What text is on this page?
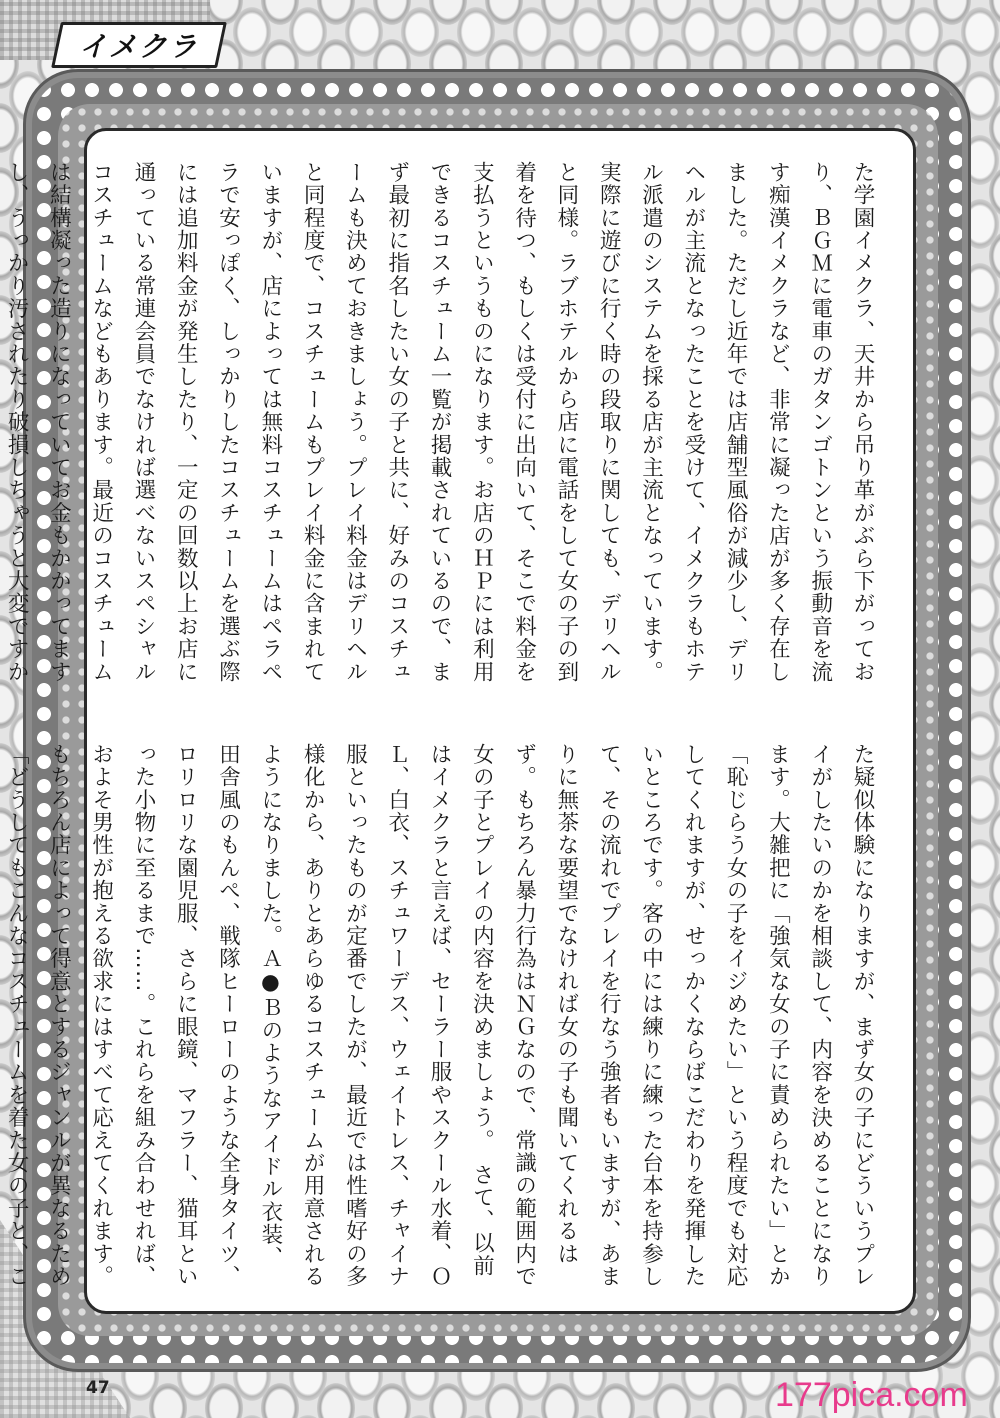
イメクラ
た学園イメクラ、天井から吊り革がぶら下がっており、ＢＧＭに電車のガタンゴトンという振動音を流す痴漢イメクラなど、非常に凝った店が多く存在しました。ただし近年では店舗型風俗が減少し、デリヘルが主流となったことを受けて、イメクラもホテル派遣のシステムを採る店が主流となっています。実際に遊びに行く時の段取りに関しても、デリヘルと同様。ラブホテルから店に電話をして女の子の到着を待つ、もしくは受付に出向いて、そこで料金を支払うというものになります。お店のＨＰには利用できるコスチューム一覧が掲載されているので、まず最初に指名したい女の子と共に、好みのコスチュームも決めておきましょう。プレイ料金はデリヘルと同程度で、コスチュームもプレイ料金に含まれていますが、店によっては無料コスチュームはペラペラで安っぽく、しっかりしたコスチュームを選ぶ際には追加料金が発生したり、一定の回数以上お店に通っている常連会員でなければ選べないスペシャルコスチュームなどもあります。最近のコスチュームは結構凝った造りになっていてお金もかかってますし、うっかり汚されたり破損しちゃうと大変ですか　
た疑似体験になりますが、まず女の子にどういうプレイがしたいのかを相談して、内容を決めることになります。大雑把に「強気な女の子に責められたい」とか「恥じらう女の子をイジめたい」という程度でも対応してくれますが、せっかくならばこだわりを発揮したいところです。客の中には練りに練った台本を持参して、その流れでプレイを行なう強者もいますが、あまりに無茶な要望でなければ女の子も聞いてくれるはず。もちろん暴力行為はＮＧなので、常識の範囲内で女の子とプレイの内容を決めましょう。　さて、以前はイメクラと言えば、セーラー服やスクール水着、ＯＬ、白衣、スチュワーデス、ウェイトレス、チャイナ服といったものが定番でしたが、最近では性嗜好の多様化から、ありとあらゆるコスチュームが用意されるようになりました。Ａ●Ｂのようなアイドル衣装、田舎風のもんぺ、戦隊ヒーローのような全身タイツ、ロリロリな園児服、さらに眼鏡、マフラー、猫耳といった小物に至るまで……。これらを組み合わせれば、およそ男性が抱える欲求にはすべて応えてくれます。もちろん店によって得意とするジャンルが異なるため「どうしてもこんなコスチュームを着た女の子と、こ
47	177pica.com
